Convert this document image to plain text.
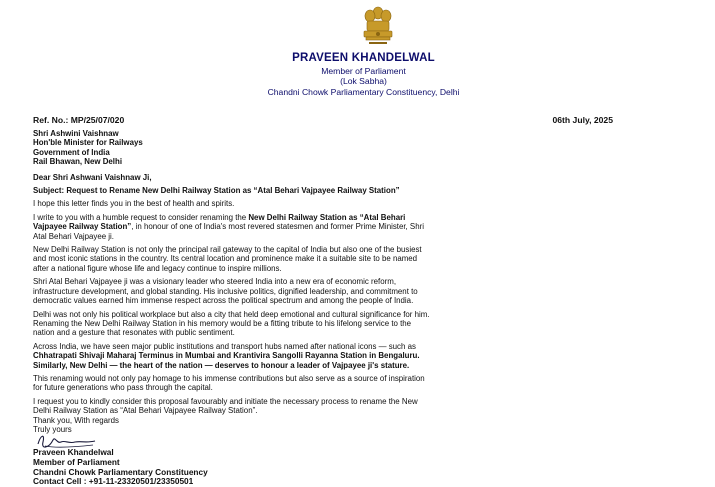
PRAVEEN KHANDELWAL
Member of Parliament
(Lok Sabha)
Chandni Chowk Parliamentary Constituency, Delhi
Ref. No.: MP/25/07/020	06th July, 2025
Shri Ashwini Vaishnaw
Hon'ble Minister for Railways
Government of India
Rail Bhawan, New Delhi
Dear Shri Ashwani Vaishnaw Ji,
Subject: Request to Rename New Delhi Railway Station as “Atal Behari Vajpayee Railway Station”
I hope this letter finds you in the best of health and spirits.
I write to you with a humble request to consider renaming the New Delhi Railway Station as “Atal Behari
Vajpayee Railway Station”, in honour of one of India's most revered statesmen and former Prime Minister, Shri
Atal Behari Vajpayee ji.
New Delhi Railway Station is not only the principal rail gateway to the capital of India but also one of the busiest
and most iconic stations in the country. Its central location and prominence make it a suitable site to be named
after a national figure whose life and legacy continue to inspire millions.
Shri Atal Behari Vajpayee ji was a visionary leader who steered India into a new era of economic reform,
infrastructure development, and global standing. His inclusive politics, dignified leadership, and commitment to
democratic values earned him immense respect across the political spectrum and among the people of India.
Delhi was not only his political workplace but also a city that held deep emotional and cultural significance for him.
Renaming the New Delhi Railway Station in his memory would be a fitting tribute to his lifelong service to the
nation and a gesture that resonates with public sentiment.
Across India, we have seen major public institutions and transport hubs named after national icons — such as
Chhatrapati Shivaji Maharaj Terminus in Mumbai and Krantivira Sangolli Rayanna Station in Bengaluru.
Similarly, New Delhi — the heart of the nation — deserves to honour a leader of Vajpayee ji's stature.
This renaming would not only pay homage to his immense contributions but also serve as a source of inspiration
for future generations who pass through the capital.
I request you to kindly consider this proposal favourably and initiate the necessary process to rename the New
Delhi Railway Station as “Atal Behari Vajpayee Railway Station”.
Thank you, With regards
Truly yours
Praveen Khandelwal
Member of Parliament
Chandni Chowk Parliamentary Constituency
Contact Cell : +91-11-23320501/23350501
